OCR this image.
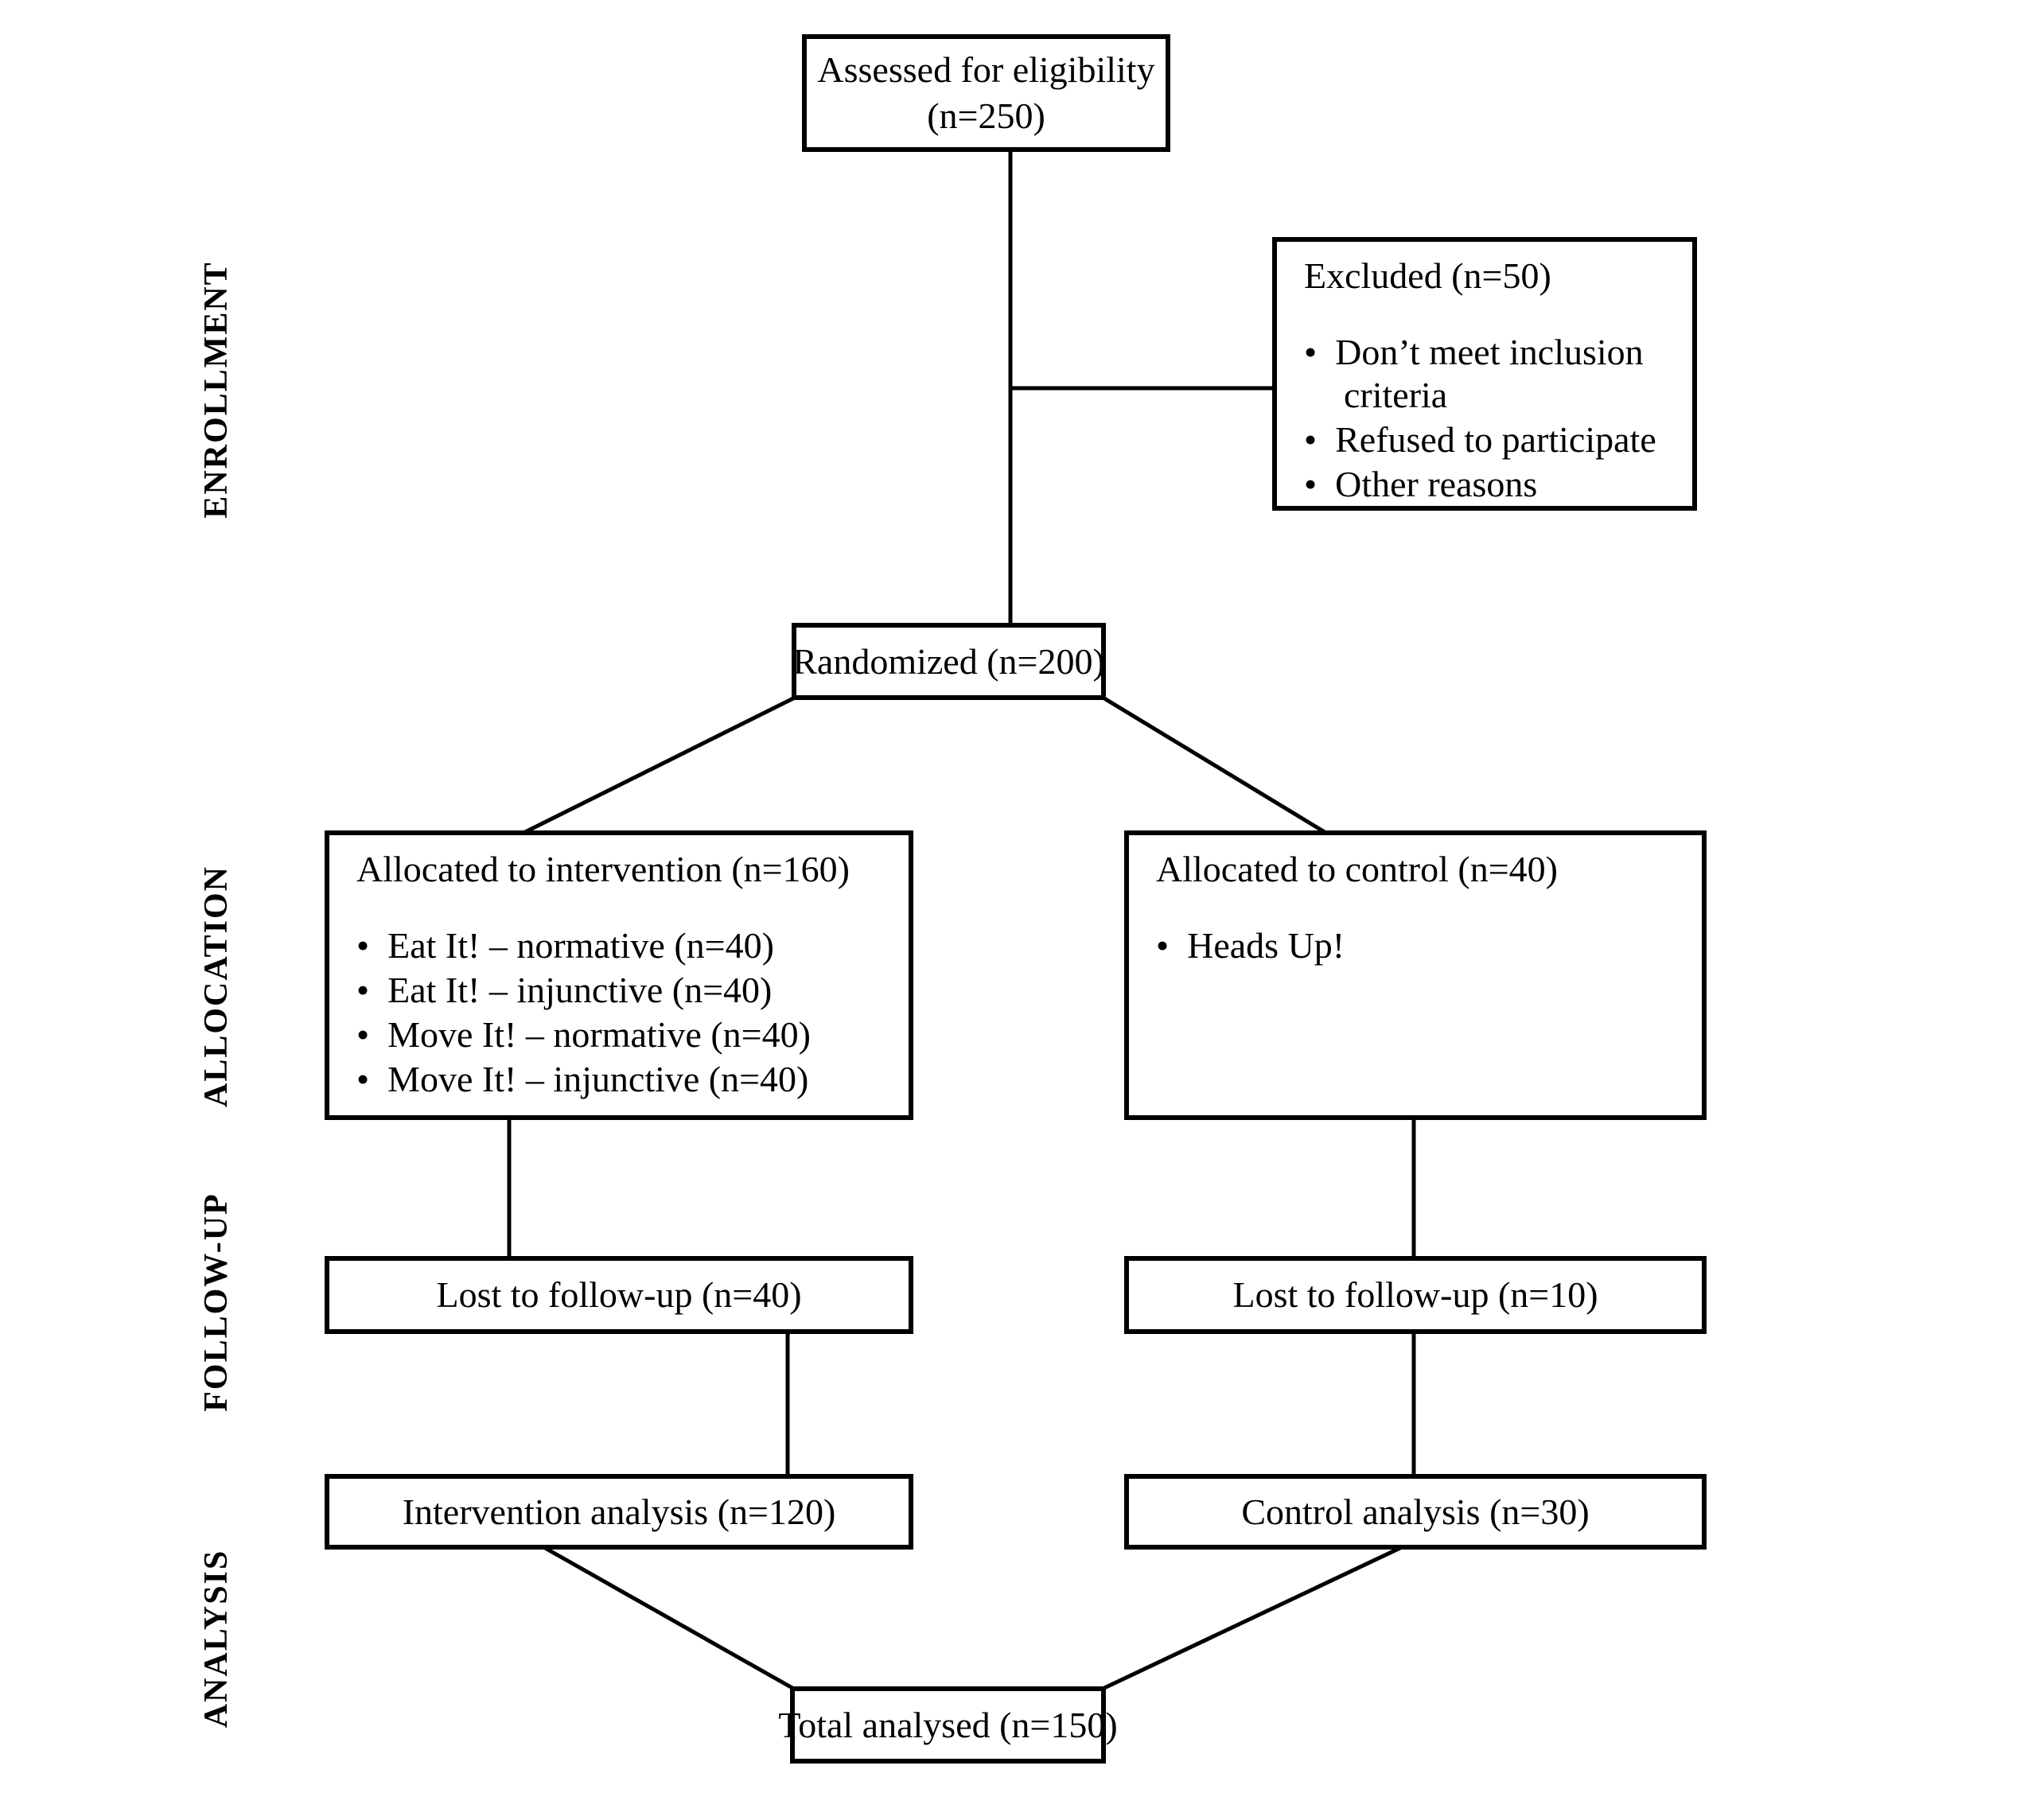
ENROLLMENT
ALLOCATION
FOLLOW-UP
ANALYSIS
Assessed for eligibility
(n=250)
Excluded (n=50)
•  Don’t meet inclusion criteria
•  Refused to participate
•  Other reasons
Randomized (n=200)
Allocated to intervention (n=160)
•  Eat It! – normative (n=40)
•  Eat It! – injunctive (n=40)
•  Move It! – normative (n=40)
•  Move It! – injunctive (n=40)
Allocated to control (n=40)
•  Heads Up!
Lost to follow-up (n=40)	Lost to follow-up (n=10)
Intervention analysis (n=120)	Control analysis (n=30)
Total analysed (n=150)
